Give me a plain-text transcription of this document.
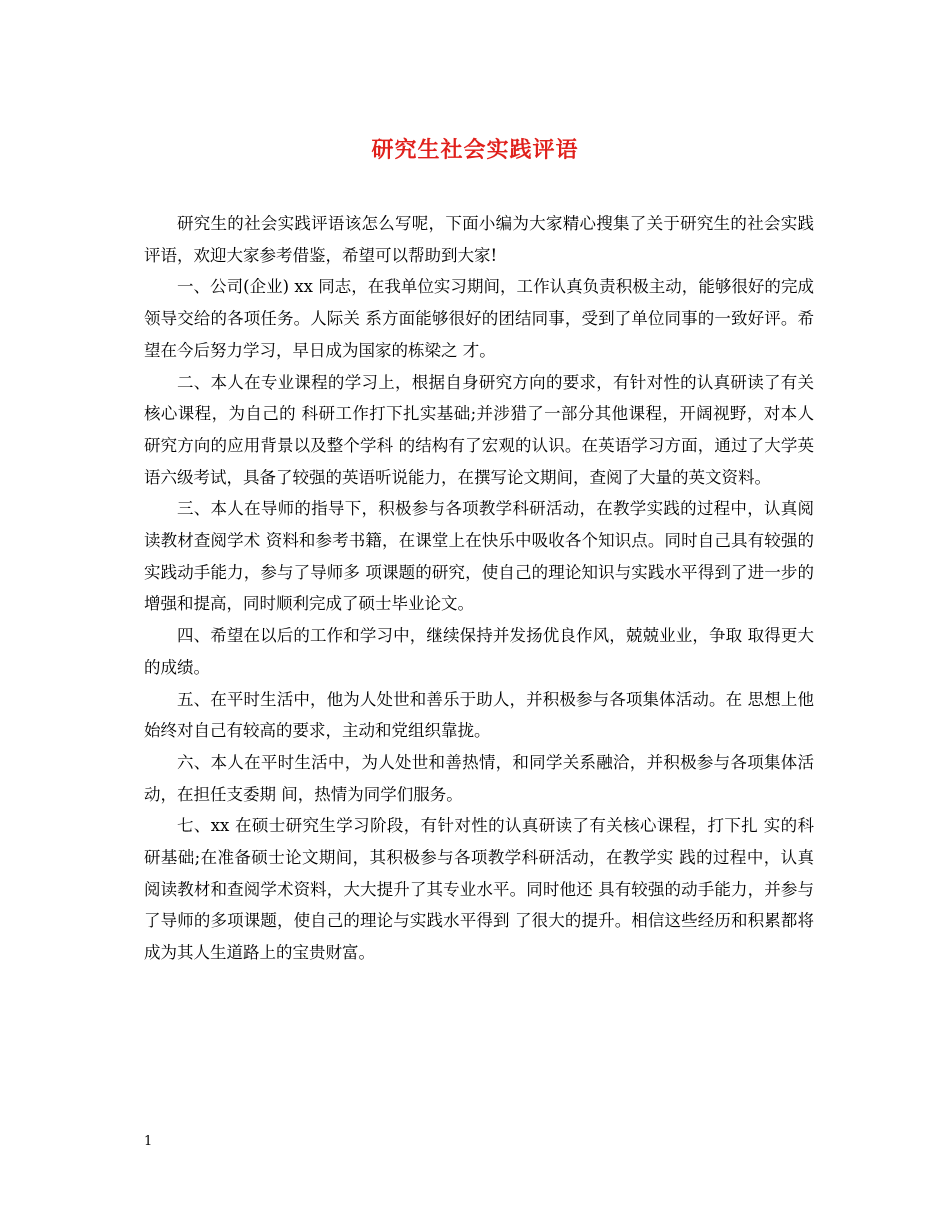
研究生社会实践评语

研究生的社会实践评语该怎么写呢，下面小编为大家精心搜集了关于研究生的社会实践评语，欢迎大家参考借鉴，希望可以帮助到大家!

一、公司(企业) xx 同志，在我单位实习期间，工作认真负责积极主动，能够很好的完成领导交给的各项任务。人际关 系方面能够很好的团结同事，受到了单位同事的一致好评。希望在今后努力学习，早日成为国家的栋梁之 才。

二、本人在专业课程的学习上，根据自身研究方向的要求，有针对性的认真研读了有关核心课程，为自己的 科研工作打下扎实基础;并涉猎了一部分其他课程，开阔视野，对本人研究方向的应用背景以及整个学科 的结构有了宏观的认识。在英语学习方面，通过了大学英语六级考试，具备了较强的英语听说能力，在撰写论文期间，查阅了大量的英文资料。

三、本人在导师的指导下，积极参与各项教学科研活动，在教学实践的过程中，认真阅读教材查阅学术 资料和参考书籍，在课堂上在快乐中吸收各个知识点。同时自己具有较强的实践动手能力，参与了导师多 项课题的研究，使自己的理论知识与实践水平得到了进一步的增强和提高，同时顺利完成了硕士毕业论文。

四、希望在以后的工作和学习中，继续保持并发扬优良作风，兢兢业业，争取 取得更大的成绩。

五、在平时生活中，他为人处世和善乐于助人，并积极参与各项集体活动。在 思想上他始终对自己有较高的要求，主动和党组织靠拢。

六、本人在平时生活中，为人处世和善热情，和同学关系融洽，并积极参与各项集体活动，在担任支委期 间，热情为同学们服务。

七、xx 在硕士研究生学习阶段，有针对性的认真研读了有关核心课程，打下扎 实的科研基础;在准备硕士论文期间，其积极参与各项教学科研活动，在教学实 践的过程中，认真阅读教材和查阅学术资料，大大提升了其专业水平。同时他还 具有较强的动手能力，并参与了导师的多项课题，使自己的理论与实践水平得到 了很大的提升。相信这些经历和积累都将成为其人生道路上的宝贵财富。

1
